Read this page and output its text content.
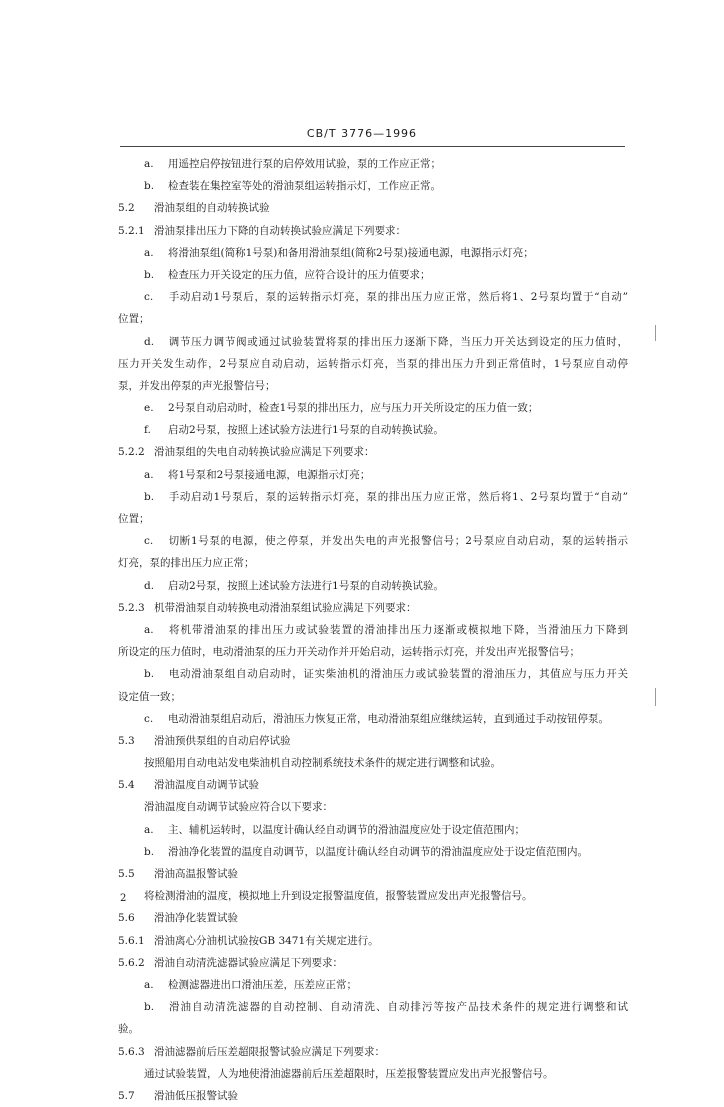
CB/T 3776—1996
a. 用遥控启停按钮进行泵的启停效用试验，泵的工作应正常；
b. 检查装在集控室等处的滑油泵组运转指示灯，工作应正常。
5.2 滑油泵组的自动转换试验
5.2.1 滑油泵排出压力下降的自动转换试验应满足下列要求：
a. 将滑油泵组(简称1号泵)和备用滑油泵组(简称2号泵)接通电源，电源指示灯亮；
b. 检查压力开关设定的压力值，应符合设计的压力值要求；
c. 手动启动1号泵后，泵的运转指示灯亮，泵的排出压力应正常，然后将1、2号泵均置于“自动”
位置；
d. 调节压力调节阀或通过试验装置将泵的排出压力逐渐下降，当压力开关达到设定的压力值时，
压力开关发生动作，2号泵应自动启动，运转指示灯亮，当泵的排出压力升到正常值时，1号泵应自动停
泵，并发出停泵的声光报警信号；
e. 2号泵自动启动时，检查1号泵的排出压力，应与压力开关所设定的压力值一致；
f. 启动2号泵，按照上述试验方法进行1号泵的自动转换试验。
5.2.2 滑油泵组的失电自动转换试验应满足下列要求：
a. 将1号泵和2号泵接通电源，电源指示灯亮；
b. 手动启动1号泵后，泵的运转指示灯亮，泵的排出压力应正常，然后将1、2号泵均置于“自动”
位置；
c. 切断1号泵的电源，使之停泵，并发出失电的声光报警信号；2号泵应自动启动，泵的运转指示
灯亮，泵的排出压力应正常；
d. 启动2号泵，按照上述试验方法进行1号泵的自动转换试验。
5.2.3 机带滑油泵自动转换电动滑油泵组试验应满足下列要求：
a. 将机带滑油泵的排出压力或试验装置的滑油排出压力逐渐或模拟地下降，当滑油压力下降到
所设定的压力值时，电动滑油泵的压力开关动作并开始启动，运转指示灯亮，并发出声光报警信号；
b. 电动滑油泵组自动启动时，证实柴油机的滑油压力或试验装置的滑油压力，其值应与压力开关
设定值一致；
c. 电动滑油泵组启动后，滑油压力恢复正常，电动滑油泵组应继续运转，直到通过手动按钮停泵。
5.3 滑油预供泵组的自动启停试验
按照船用自动电站发电柴油机自动控制系统技术条件的规定进行调整和试验。
5.4 滑油温度自动调节试验
滑油温度自动调节试验应符合以下要求：
a. 主、辅机运转时，以温度计确认经自动调节的滑油温度应处于设定值范围内；
b. 滑油净化装置的温度自动调节，以温度计确认经自动调节的滑油温度应处于设定值范围内。
5.5 滑油高温报警试验
将检测滑油的温度，模拟地上升到设定报警温度值，报警装置应发出声光报警信号。
5.6 滑油净化装置试验
5.6.1 滑油离心分油机试验按GB 3471有关规定进行。
5.6.2 滑油自动清洗滤器试验应满足下列要求：
a. 检测滤器进出口滑油压差，压差应正常；
b. 滑油自动清洗滤器的自动控制、自动清洗、自动排污等按产品技术条件的规定进行调整和试
验。
5.6.3 滑油滤器前后压差超限报警试验应满足下列要求：
通过试验装置，人为地使滑油滤器前后压差超限时，压差报警装置应发出声光报警信号。
5.7 滑油低压报警试验
2
